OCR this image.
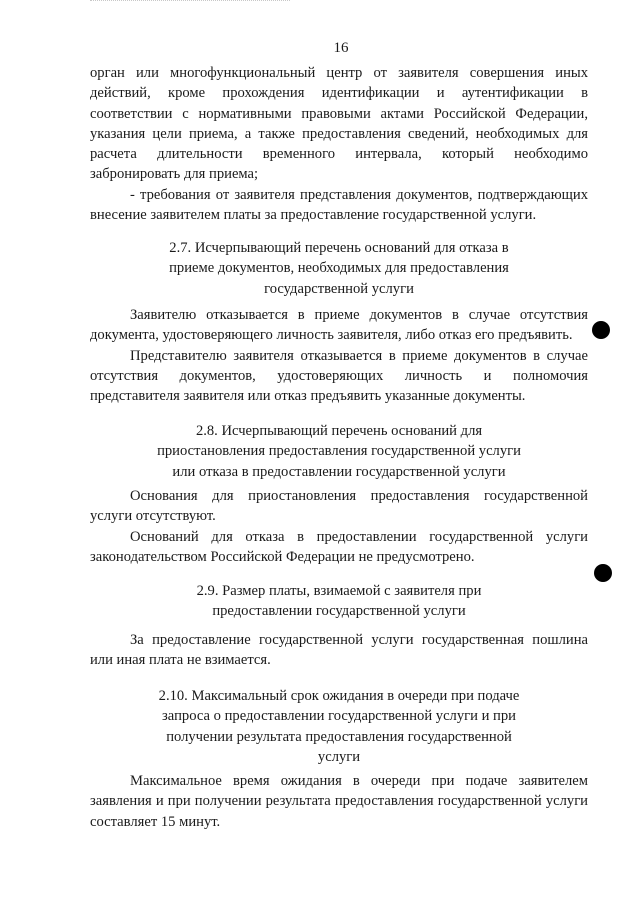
16

орган или многофункциональный центр от заявителя совершения иных действий, кроме прохождения идентификации и аутентификации в соответствии с нормативными правовыми актами Российской Федерации, указания цели приема, а также предоставления сведений, необходимых для расчета длительности временного интервала, который необходимо забронировать для приема;

- требования от заявителя представления документов, подтверждающих внесение заявителем платы за предоставление государственной услуги.

2.7. Исчерпывающий перечень оснований для отказа в
приеме документов, необходимых для предоставления
государственной услуги

Заявителю отказывается в приеме документов в случае отсутствия документа, удостоверяющего личность заявителя, либо отказ его предъявить.

Представителю заявителя отказывается в приеме документов в случае отсутствия документов, удостоверяющих личность и полномочия представителя заявителя или отказ предъявить указанные документы.

2.8. Исчерпывающий перечень оснований для
приостановления предоставления государственной услуги
или отказа в предоставлении государственной услуги

Основания для приостановления предоставления государственной услуги отсутствуют.

Оснований для отказа в предоставлении государственной услуги законодательством Российской Федерации не предусмотрено.

2.9. Размер платы, взимаемой с заявителя при
предоставлении государственной услуги

За предоставление государственной услуги государственная пошлина или иная плата не взимается.

2.10. Максимальный срок ожидания в очереди при подаче
запроса о предоставлении государственной услуги и при
получении результата предоставления государственной
услуги

Максимальное время ожидания в очереди при подаче заявителем заявления и при получении результата предоставления государственной услуги составляет 15 минут.
